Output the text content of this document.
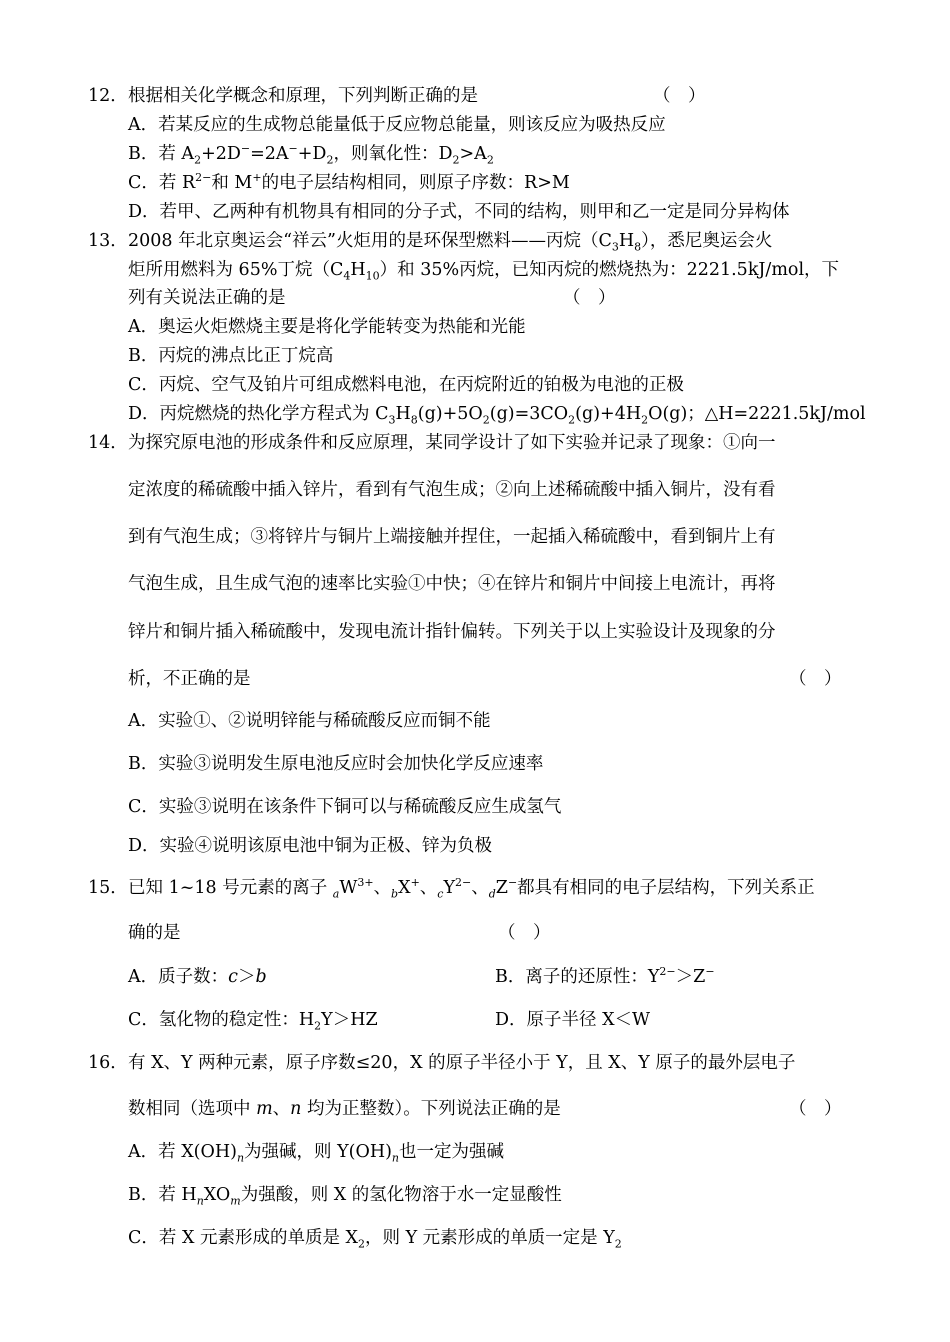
12． 根据相关化学概念和原理，下列判断正确的是	（　）
A．若某反应的生成物总能量低于反应物总能量，则该反应为吸热反应
B．若 $A_2+2D^-=2A^-+D_2$，则氧化性：$D_2>A_2$
C．若 $R^{2-}$和 M+的电子层结构相同，则原子序数：R>M
D．若甲、乙两种有机物具有相同的分子式，不同的结构，则甲和乙一定是同分异构体
13． 2008 年北京奥运会“祥云”火炬用的是环保型燃料——丙烷$(C_3H_8)$，悉尼奥运会火
炬所用燃料为 65%丁烷$(C_4H_{10})$和 35%丙烷，已知丙烷的燃烧热为：2221.5kJ/mol，下
列有关说法正确的是	（　）
A．奥运火炬燃烧主要是将化学能转变为热能和光能
B．丙烷的沸点比正丁烷高
C．丙烷、空气及铂片可组成燃料电池，在丙烷附近的铂极为电池的正极
D．丙烷燃烧的热化学方程式为 $C_3H_8(g)+5O_2(g)=3CO_2(g)+4H_2O(g)$；△H=2221.5kJ/mol
14． 为探究原电池的形成条件和反应原理，某同学设计了如下实验并记录了现象：①向一
定浓度的稀硫酸中插入锌片，看到有气泡生成；②向上述稀硫酸中插入铜片，没有看
到有气泡生成；③将锌片与铜片上端接触并捏住，一起插入稀硫酸中，看到铜片上有
气泡生成，且生成气泡的速率比实验①中快；④在锌片和铜片中间接上电流计，再将
锌片和铜片插入稀硫酸中，发现电流计指针偏转。下列关于以上实验设计及现象的分
析，不正确的是	（　）
A．实验①、②说明锌能与稀硫酸反应而铜不能
B．实验③说明发生原电池反应时会加快化学反应速率
C．实验③说明在该条件下铜可以与稀硫酸反应生成氢气
D．实验④说明该原电池中铜为正极、锌为负极
15． 已知 1~18 号元素的离子 $_aW^{3+}$、$_b$X+、$_cY^{2-}$、$_d$Z−都具有相同的电子层结构，下列关系正
确的是	（　）
A．质子数：c＞b	B．离子的还原性：$Y^{2-}>Z^-$
C．氢化物的稳定性：$H_2Y>HZ$	D．原子半径 X＜W
16． 有 X、Y 两种元素，原子序数≤20，X 的原子半径小于 Y，且 X、Y 原子的最外层电子
数相同（选项中 m、n 均为正整数）。下列说法正确的是	（　）
A．若 $X(OH)_n$为强碱，则 $Y(OH)_n$也一定为强碱
B．若 $H_nXO_m$为强酸，则 X 的氢化物溶于水一定显酸性
C．若 X 元素形成的单质是 $X_2$，则 Y 元素形成的单质一定是 $Y_2$
